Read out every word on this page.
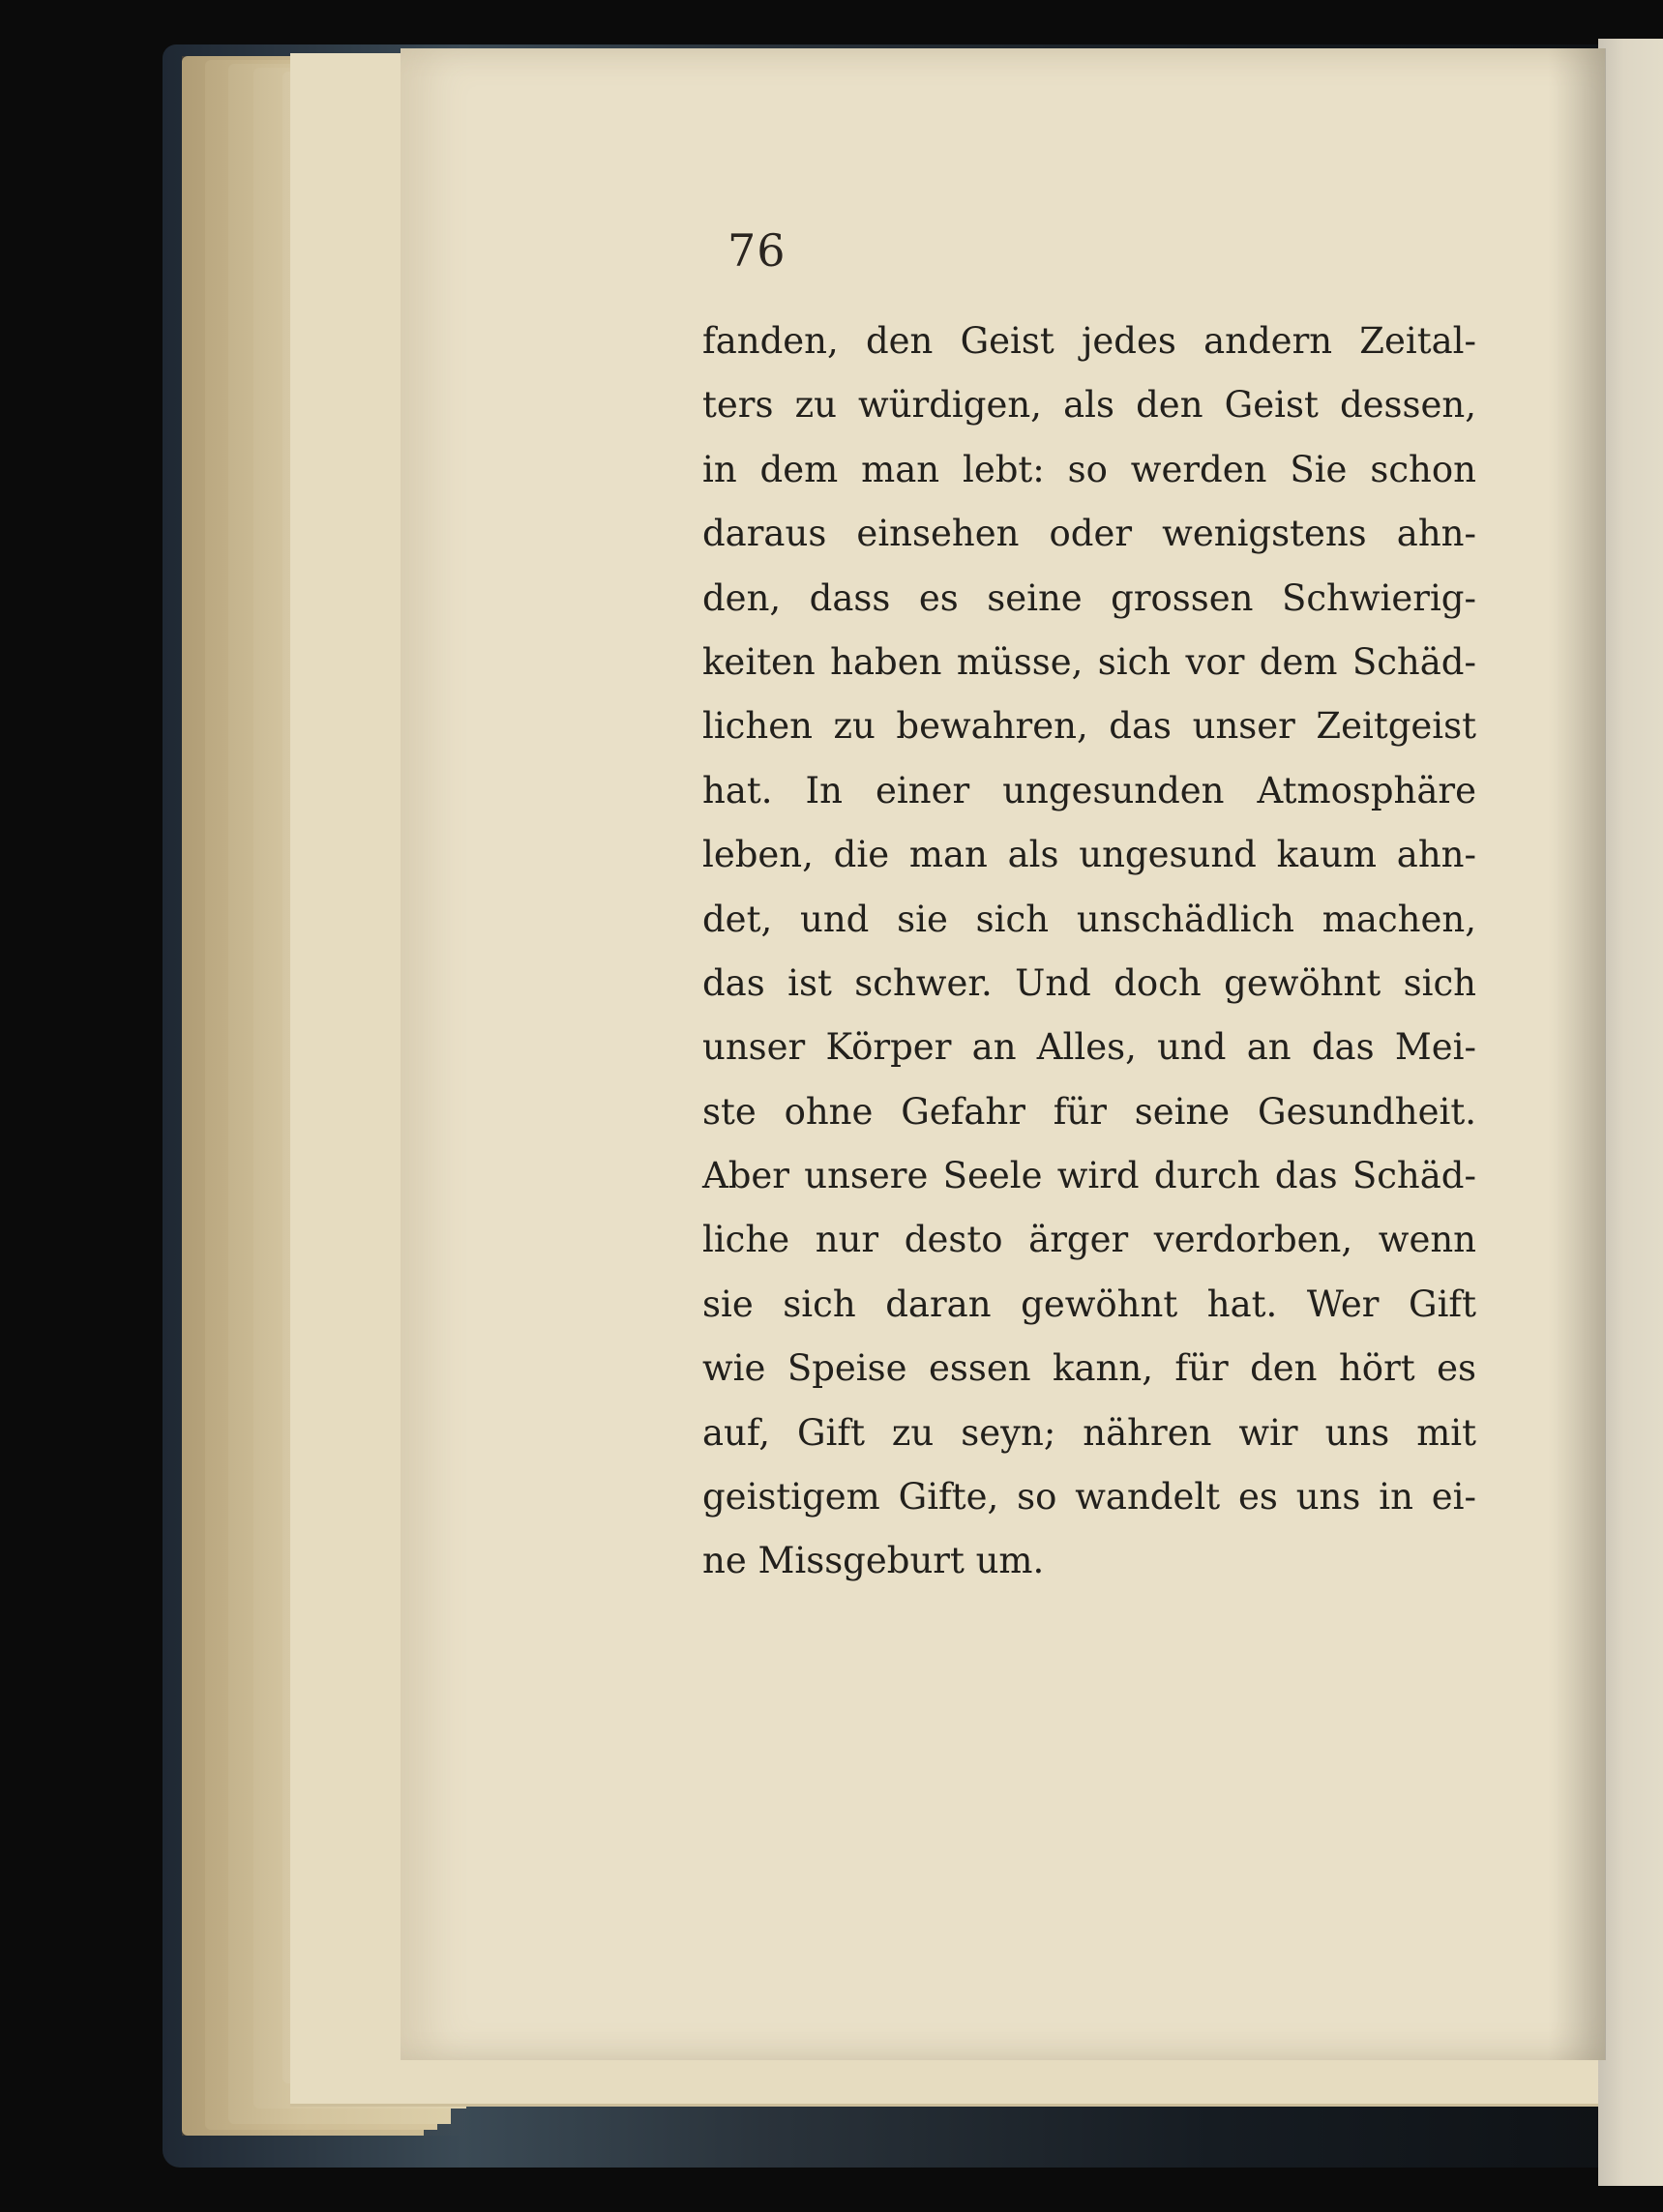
76
fanden, den Geist jedes andern Zeital-
ters zu würdigen, als den Geist dessen,
in dem man lebt: so werden Sie schon
daraus einsehen oder wenigstens ahn-
den, dass es seine grossen Schwierig-
keiten haben müsse, sich vor dem Schäd-
lichen zu bewahren, das unser Zeitgeist
hat. In einer ungesunden Atmosphäre
leben, die man als ungesund kaum ahn-
det, und sie sich unschädlich machen,
das ist schwer. Und doch gewöhnt sich
unser Körper an Alles, und an das Mei-
ste ohne Gefahr für seine Gesundheit.
Aber unsere Seele wird durch das Schäd-
liche nur desto ärger verdorben, wenn
sie sich daran gewöhnt hat. Wer Gift
wie Speise essen kann, für den hört es
auf, Gift zu seyn; nähren wir uns mit
geistigem Gifte, so wandelt es uns in ei-
ne Missgeburt um.
